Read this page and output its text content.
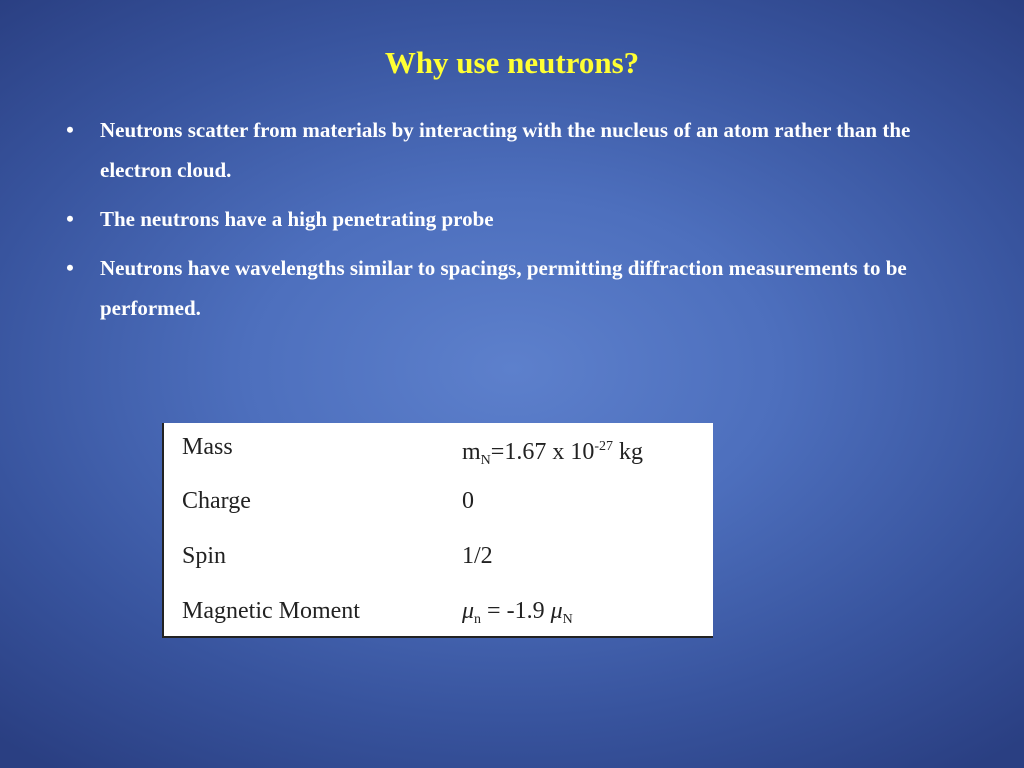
Why use neutrons?
• Neutrons scatter from materials by interacting with the nucleus of an atom rather than the electron cloud.
• The neutrons have a high penetrating probe
• Neutrons have wavelengths similar to spacings, permitting diffraction measurements to be performed.
Mass	$m_N=1.67$ x $10^{-27}$ kg
Charge	0
Spin	1/2
Magnetic Moment	$\mu_n = -1.9$ $\mu_N$
